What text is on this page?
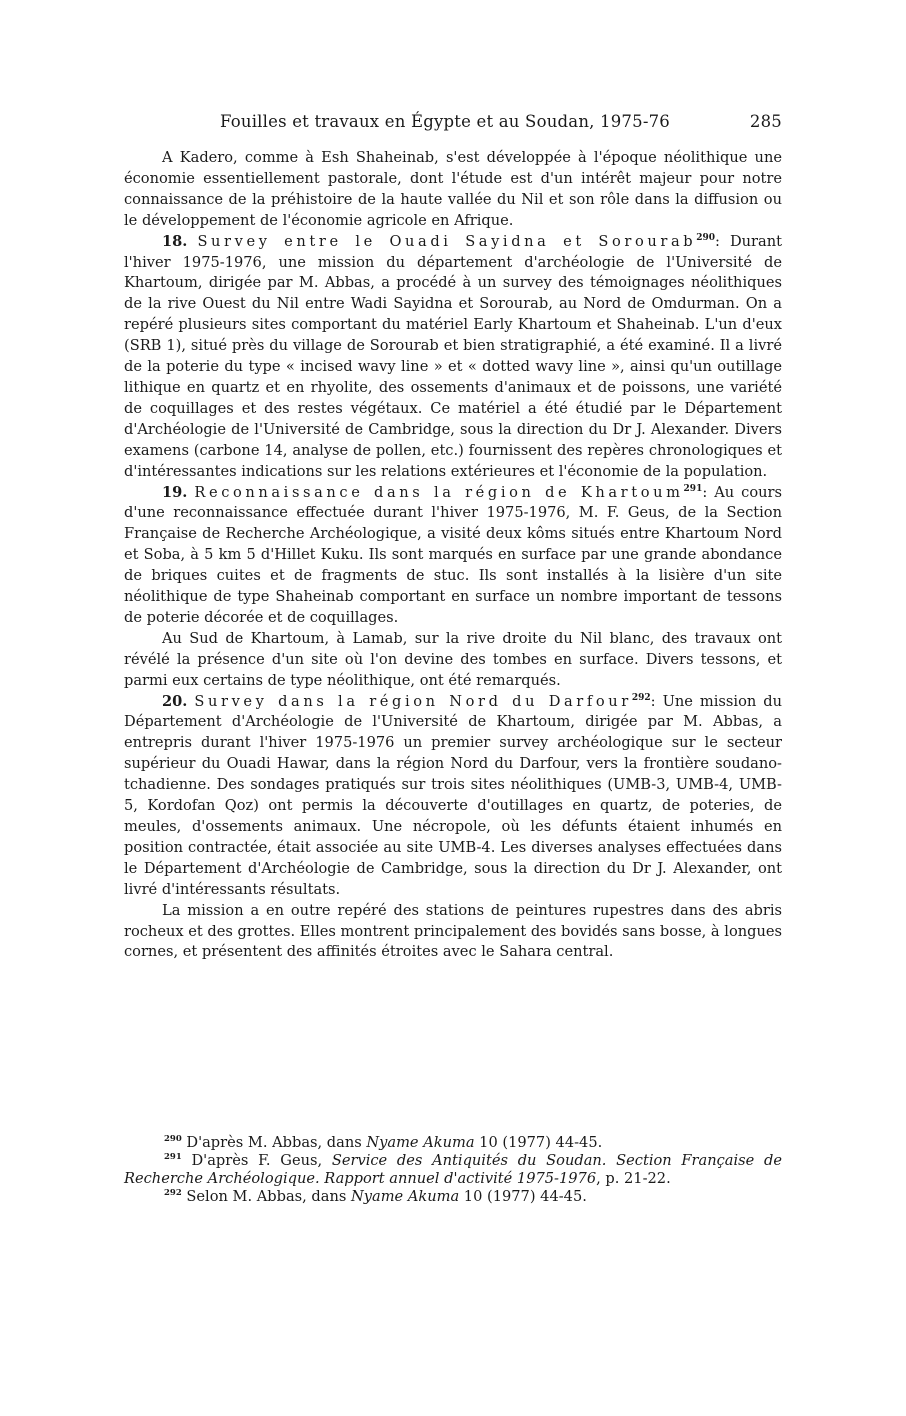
Fouilles et travaux en Égypte et au Soudan, 1975-76	285

A Kadero, comme à Esh Shaheinab, s'est développée à l'époque néolithique une économie essentiellement pastorale, dont l'étude est d'un intérêt majeur pour notre connaissance de la préhistoire de la haute vallée du Nil et son rôle dans la diffusion ou le développement de l'économie agricole en Afrique.

18. Survey entre le Ouadi Sayidna et Sorourab$^{290}$: Durant l'hiver 1975-1976, une mission du département d'archéologie de l'Université de Khartoum, dirigée par M. Abbas, a procédé à un survey des témoignages néolithiques de la rive Ouest du Nil entre Wadi Sayidna et Sorourab, au Nord de Omdurman. On a repéré plusieurs sites comportant du matériel Early Khartoum et Shaheinab. L'un d'eux (SRB 1), situé près du village de Sorourab et bien stratigraphié, a été examiné. Il a livré de la poterie du type « incised wavy line » et « dotted wavy line », ainsi qu'un outillage lithique en quartz et en rhyolite, des ossements d'animaux et de poissons, une variété de coquillages et des restes végétaux. Ce matériel a été étudié par le Département d'Archéologie de l'Université de Cambridge, sous la direction du Dr J. Alexander. Divers examens (carbone 14, analyse de pollen, etc.) fournissent des repères chronologiques et d'intéressantes indications sur les relations extérieures et l'économie de la population.

19. Reconnaissance dans la région de Khartoum$^{291}$: Au cours d'une reconnaissance effectuée durant l'hiver 1975-1976, M. F. Geus, de la Section Française de Recherche Archéologique, a visité deux kôms situés entre Khartoum Nord et Soba, à 5 km 5 d'Hillet Kuku. Ils sont marqués en surface par une grande abondance de briques cuites et de fragments de stuc. Ils sont installés à la lisière d'un site néolithique de type Shaheinab comportant en surface un nombre important de tessons de poterie décorée et de coquillages.

Au Sud de Khartoum, à Lamab, sur la rive droite du Nil blanc, des travaux ont révélé la présence d'un site où l'on devine des tombes en surface. Divers tessons, et parmi eux certains de type néolithique, ont été remarqués.

20. Survey dans la région Nord du Darfour$^{292}$: Une mission du Département d'Archéologie de l'Université de Khartoum, dirigée par M. Abbas, a entrepris durant l'hiver 1975-1976 un premier survey archéologique sur le secteur supérieur du Ouadi Hawar, dans la région Nord du Darfour, vers la frontière soudano-tchadienne. Des sondages pratiqués sur trois sites néolithiques (UMB-3, UMB-4, UMB-5, Kordofan Qoz) ont permis la découverte d'outillages en quartz, de poteries, de meules, d'ossements animaux. Une nécropole, où les défunts étaient inhumés en position contractée, était associée au site UMB-4. Les diverses analyses effectuées dans le Département d'Archéologie de Cambridge, sous la direction du Dr J. Alexander, ont livré d'intéressants résultats.

La mission a en outre repéré des stations de peintures rupestres dans des abris rocheux et des grottes. Elles montrent principalement des bovidés sans bosse, à longues cornes, et présentent des affinités étroites avec le Sahara central.

$^{290}$ D'après M. Abbas, dans Nyame Akuma 10 (1977) 44-45.

$^{291}$ D'après F. Geus, Service des Antiquités du Soudan. Section Française de Recherche Archéologique. Rapport annuel d'activité 1975-1976, p. 21-22.

$^{292}$ Selon M. Abbas, dans Nyame Akuma 10 (1977) 44-45.
